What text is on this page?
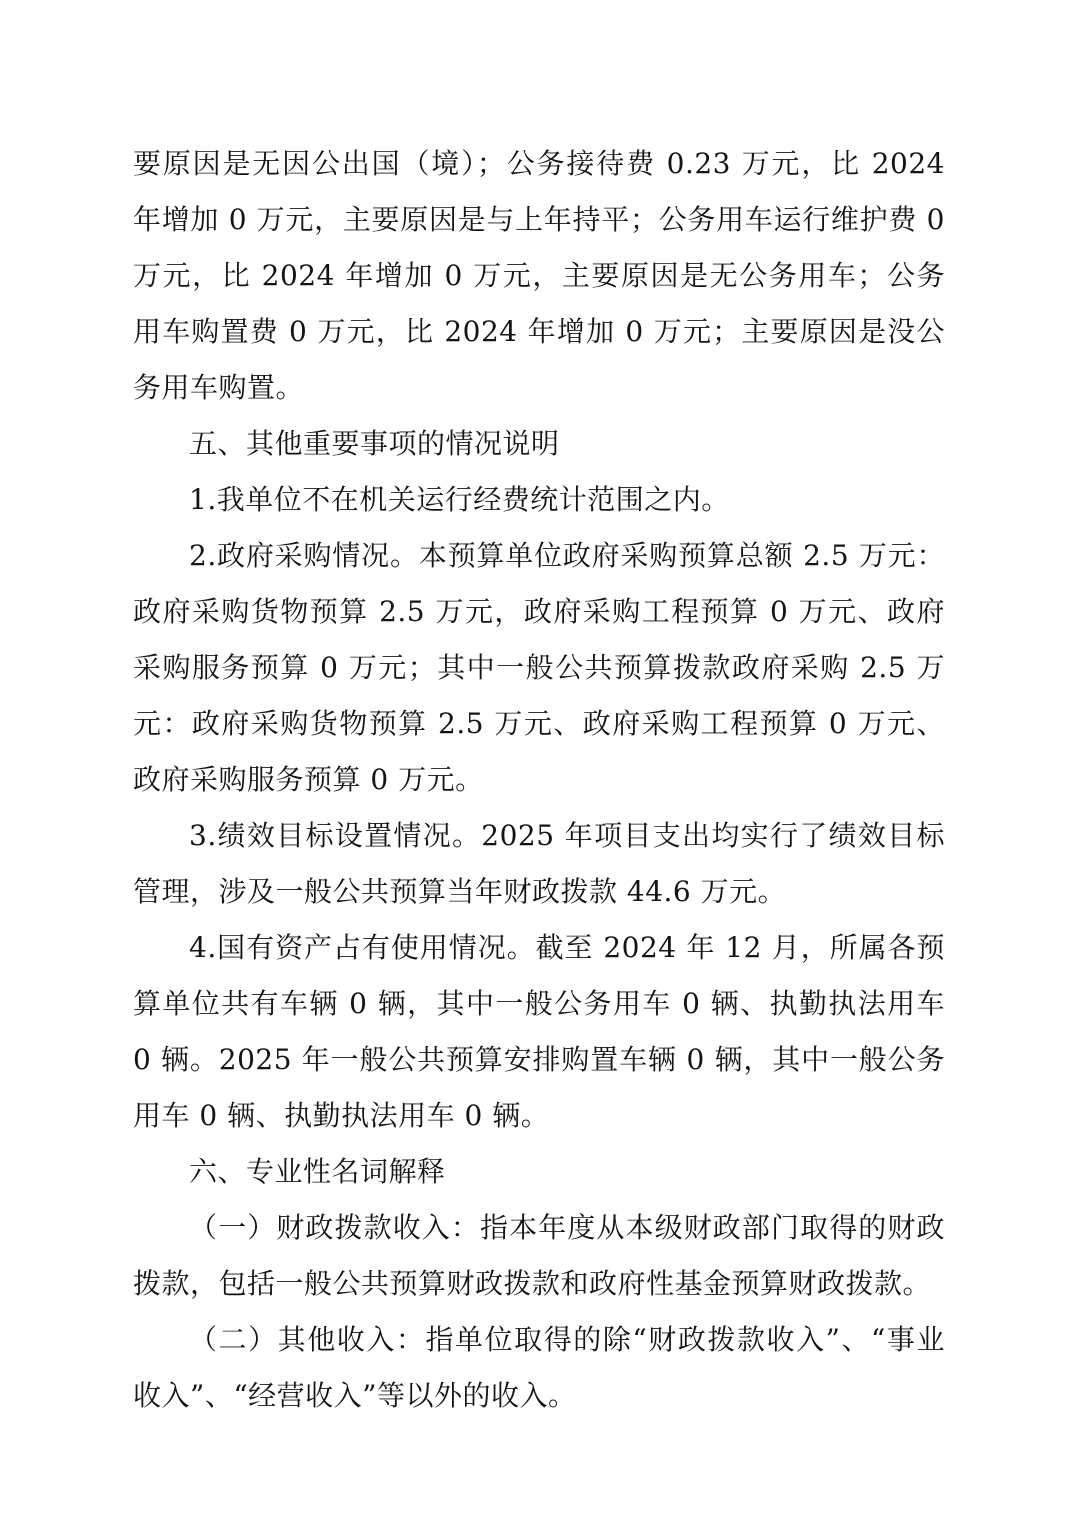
要原因是无因公出国（境）；公务接待费 0.23 万元，比 2024 年增加 0 万元，主要原因是与上年持平；公务用车运行维护费 0 万元，比 2024 年增加 0 万元，主要原因是无公务用车；公务用车购置费 0 万元，比 2024 年增加 0 万元；主要原因是没公务用车购置。

五、其他重要事项的情况说明

1.我单位不在机关运行经费统计范围之内。

2.政府采购情况。本预算单位政府采购预算总额 2.5 万元：政府采购货物预算 2.5 万元，政府采购工程预算 0 万元、政府采购服务预算 0 万元；其中一般公共预算拨款政府采购 2.5 万元：政府采购货物预算 2.5 万元、政府采购工程预算 0 万元、政府采购服务预算 0 万元。

3.绩效目标设置情况。2025 年项目支出均实行了绩效目标管理，涉及一般公共预算当年财政拨款 44.6 万元。

4.国有资产占有使用情况。截至 2024 年 12 月，所属各预算单位共有车辆 0 辆，其中一般公务用车 0 辆、执勤执法用车 0 辆。2025 年一般公共预算安排购置车辆 0 辆，其中一般公务用车 0 辆、执勤执法用车 0 辆。

六、专业性名词解释

（一）财政拨款收入：指本年度从本级财政部门取得的财政拨款，包括一般公共预算财政拨款和政府性基金预算财政拨款。

（二）其他收入：指单位取得的除“财政拨款收入”、“事业收入”、“经营收入”等以外的收入。
